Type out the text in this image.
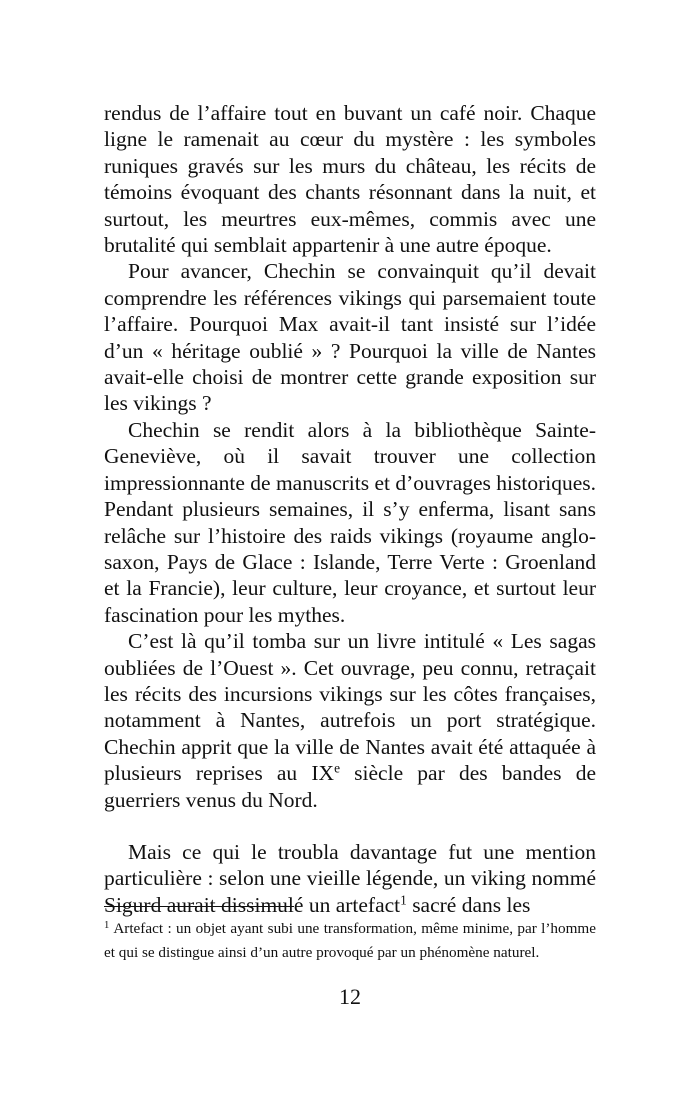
rendus de l’affaire tout en buvant un café noir. Chaque ligne le ramenait au cœur du mystère : les symboles runiques gravés sur les murs du château, les récits de témoins évoquant des chants résonnant dans la nuit, et surtout, les meurtres eux-mêmes, commis avec une brutalité qui semblait appartenir à une autre époque.

Pour avancer, Chechin se convainquit qu’il devait comprendre les références vikings qui parsemaient toute l’affaire. Pourquoi Max avait-il tant insisté sur l’idée d’un « héritage oublié » ? Pourquoi la ville de Nantes avait-elle choisi de montrer cette grande exposition sur les vikings ?

Chechin se rendit alors à la bibliothèque Sainte-Geneviève, où il savait trouver une collection impressionnante de manuscrits et d’ouvrages historiques. Pendant plusieurs semaines, il s’y enferma, lisant sans relâche sur l’histoire des raids vikings (royaume anglo-saxon, Pays de Glace : Islande, Terre Verte : Groenland et la Francie), leur culture, leur croyance, et surtout leur fascination pour les mythes.

C’est là qu’il tomba sur un livre intitulé « Les sagas oubliées de l’Ouest ». Cet ouvrage, peu connu, retraçait les récits des incursions vikings sur les côtes françaises, notamment à Nantes, autrefois un port stratégique. Chechin apprit que la ville de Nantes avait été attaquée à plusieurs reprises au IXe siècle par des bandes de guerriers venus du Nord.

Mais ce qui le troubla davantage fut une mention particulière : selon une vieille légende, un viking nommé Sigurd aurait dissimulé un artefact$^1$ sacré dans les

$^1$ Artefact : un objet ayant subi une transformation, même minime, par l’homme et qui se distingue ainsi d’un autre provoqué par un phénomène naturel.

12
